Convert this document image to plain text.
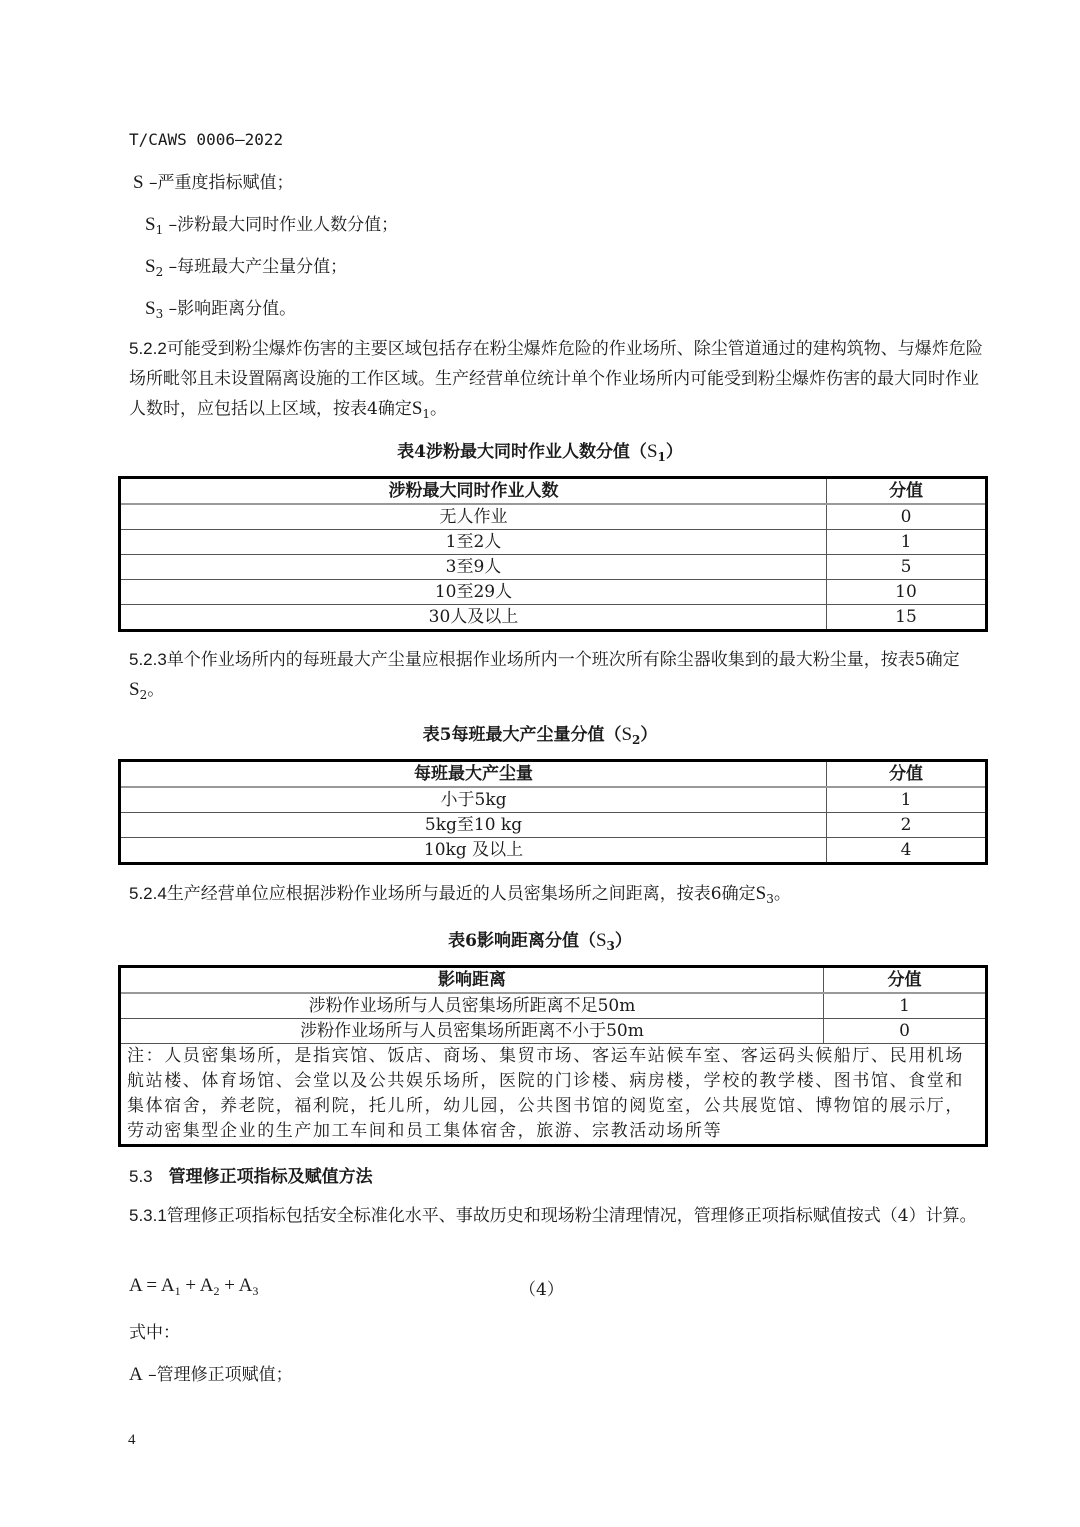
T/CAWS 0006—2022
S –严重度指标赋值；
$S_1$ –涉粉最大同时作业人数分值；
$S_2$ –每班最大产尘量分值；
$S_3$ –影响距离分值。
5.2.2可能受到粉尘爆炸伤害的主要区域包括存在粉尘爆炸危险的作业场所、除尘管道通过的建构筑物、与爆炸危险场所毗邻且未设置隔离设施的工作区域。生产经营单位统计单个作业场所内可能受到粉尘爆炸伤害的最大同时作业人数时，应包括以上区域，按表4确定$S_1$。
表4涉粉最大同时作业人数分值$(S_1)$
涉粉最大同时作业人数	分值
无人作业	0
1至2人	1
3至9人	5
10至29人	10
30人及以上	15
5.2.3单个作业场所内的每班最大产尘量应根据作业场所内一个班次所有除尘器收集到的最大粉尘量，按表5确定$S_2$。
表5每班最大产尘量分值$(S_2)$
每班最大产尘量	分值
小于5kg	1
5kg至10 kg	2
10kg 及以上	4
5.2.4生产经营单位应根据涉粉作业场所与最近的人员密集场所之间距离，按表6确定$S_3$。
表6影响距离分值$(S_3)$
影响距离	分值
涉粉作业场所与人员密集场所距离不足50m	1
涉粉作业场所与人员密集场所距离不小于50m	0
注：人员密集场所，是指宾馆、饭店、商场、集贸市场、客运车站候车室、客运码头候船厅、民用机场航站楼、体育场馆、会堂以及公共娱乐场所，医院的门诊楼、病房楼，学校的教学楼、图书馆、食堂和集体宿舍，养老院，福利院，托儿所，幼儿园，公共图书馆的阅览室，公共展览馆、博物馆的展示厅，劳动密集型企业的生产加工车间和员工集体宿舍，旅游、宗教活动场所等	
5.3 管理修正项指标及赋值方法
5.3.1管理修正项指标包括安全标准化水平、事故历史和现场粉尘清理情况，管理修正项指标赋值按式（4）计算。
$A = A_1 + A_2 + A_3$	（4）
式中：
A –管理修正项赋值；
4
